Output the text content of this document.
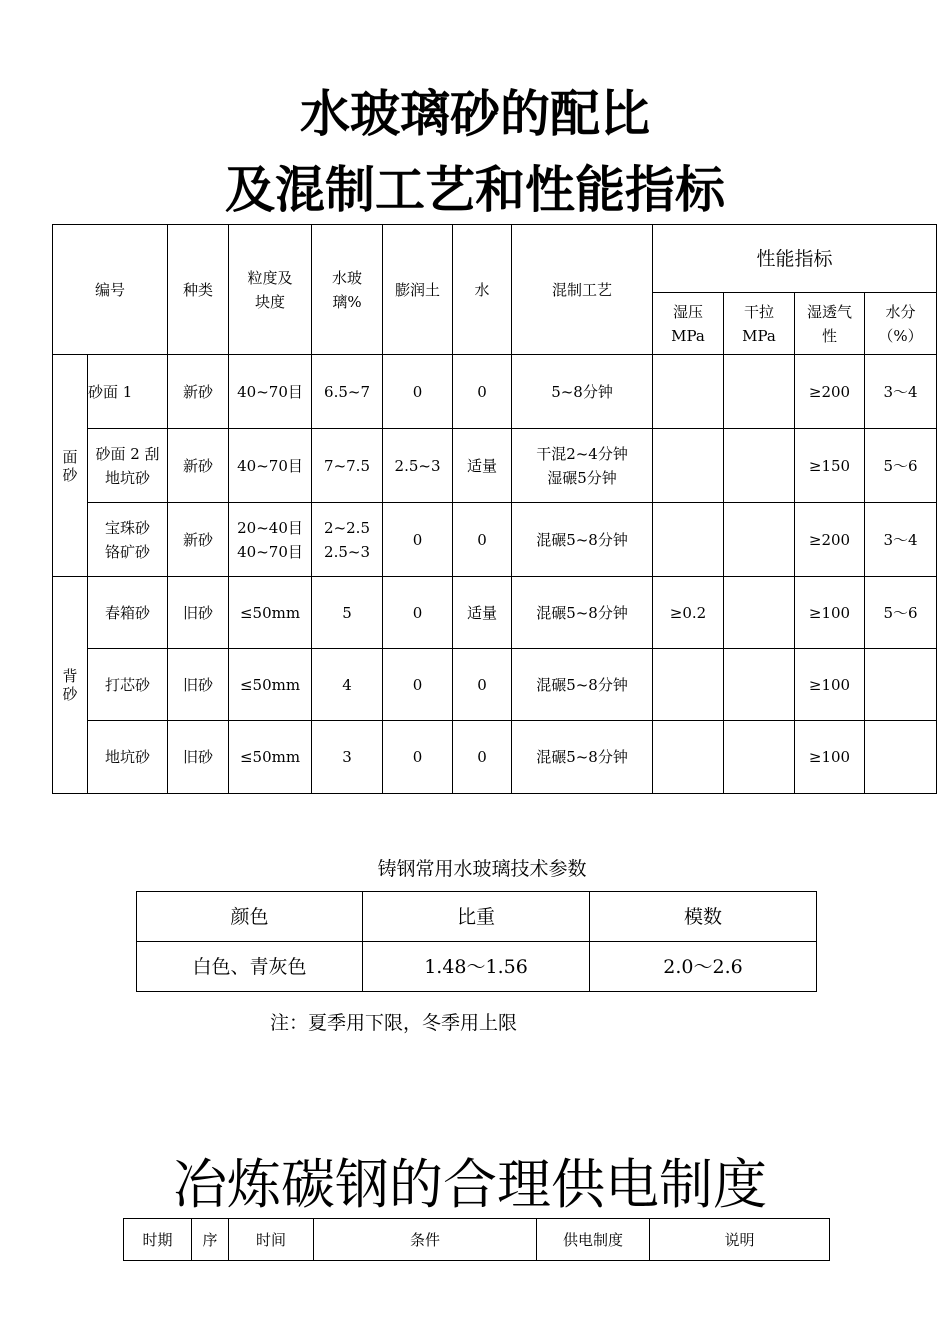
水玻璃砂的配比
及混制工艺和性能指标
编号		种类	粒度及块度	水玻璃%	膨润土	水	混制工艺	性能指标			
								湿压MPa	干拉MPa	湿透气性	水分（%）
面砂	砂面 1	新砂	40~70目	6.5~7	0	0	5~8分钟			≥200	3～4
	砂面 2 刮地坑砂	新砂	40~70目	7~7.5	2.5~3	适量	干混2~4分钟 湿碾5分钟			≥150	5～6
	宝珠砂 铬矿砂	新砂	20~40目 40~70目	2~2.5 2.5~3	0	0	混碾5~8分钟			≥200	3～4
背砂	春箱砂	旧砂	≤50mm	5	0	适量	混碾5~8分钟	≥0.2		≥100	5～6
	打芯砂	旧砂	≤50mm	4	0	0	混碾5~8分钟			≥100	
	地坑砂	旧砂	≤50mm	3	0	0	混碾5~8分钟			≥100	
铸钢常用水玻璃技术参数
颜色	比重	模数
白色、青灰色	1.48～1.56	2.0～2.6
注：夏季用下限，冬季用上限
冶炼碳钢的合理供电制度
时期	序	时间	条件	供电制度	说明
